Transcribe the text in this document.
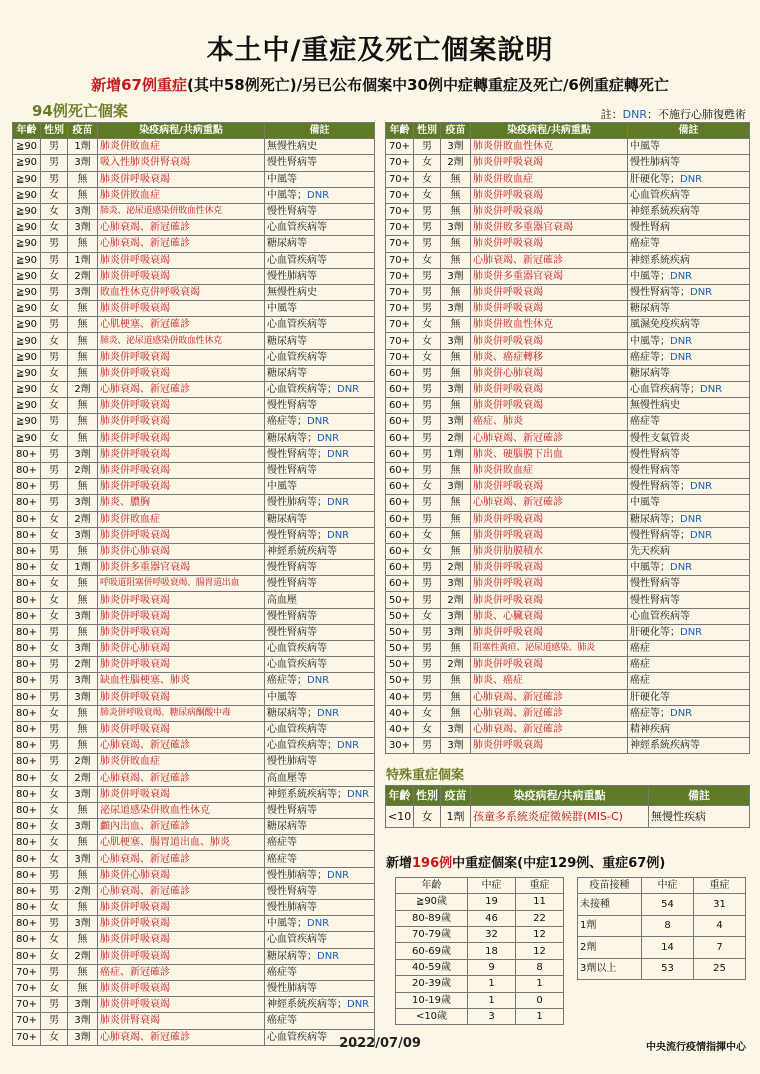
本土中/重症及死亡個案說明
新增67例重症(其中58例死亡)/另已公布個案中30例中症轉重症及死亡/6例重症轉死亡
94例死亡個案	註：DNR：不施行心肺復甦術
年齡	性別	疫苗	染疫病程/共病重點	備註
≧90	男	1劑	肺炎併敗血症	無慢性病史
≧90	男	3劑	吸入性肺炎併腎衰竭	慢性腎病等
≧90	男	無	肺炎併呼吸衰竭	中風等
≧90	女	無	肺炎併敗血症	中風等；DNR
≧90	女	3劑	肺炎、泌尿道感染併敗血性休克	慢性腎病等
≧90	女	3劑	心肺衰竭、新冠確診	心血管疾病等
≧90	男	無	心肺衰竭、新冠確診	糖尿病等
≧90	男	1劑	肺炎併呼吸衰竭	心血管疾病等
≧90	女	2劑	肺炎併呼吸衰竭	慢性肺病等
≧90	男	3劑	敗血性休克併呼吸衰竭	無慢性病史
≧90	女	無	肺炎併呼吸衰竭	中風等
≧90	男	無	心肌梗塞、新冠確診	心血管疾病等
≧90	女	無	肺炎、泌尿道感染併敗血性休克	糖尿病等
≧90	男	無	肺炎併呼吸衰竭	心血管疾病等
≧90	女	無	肺炎併呼吸衰竭	糖尿病等
≧90	女	2劑	心肺衰竭、新冠確診	心血管疾病等；DNR
≧90	女	無	肺炎併呼吸衰竭	慢性腎病等
≧90	男	無	肺炎併呼吸衰竭	癌症等；DNR
≧90	女	無	肺炎併呼吸衰竭	糖尿病等；DNR
80+	男	3劑	肺炎併呼吸衰竭	慢性腎病等；DNR
80+	男	2劑	肺炎併呼吸衰竭	慢性腎病等
80+	男	無	肺炎併呼吸衰竭	中風等
80+	男	3劑	肺炎、膿胸	慢性肺病等；DNR
80+	女	2劑	肺炎併敗血症	糖尿病等
80+	女	3劑	肺炎併呼吸衰竭	慢性腎病等；DNR
80+	男	無	肺炎併心肺衰竭	神經系統疾病等
80+	女	1劑	肺炎併多重器官衰竭	慢性腎病等
80+	女	無	呼吸道阻塞併呼吸衰竭、腸胃道出血	慢性腎病等
80+	女	無	肺炎併呼吸衰竭	高血壓
80+	女	3劑	肺炎併呼吸衰竭	慢性腎病等
80+	男	無	肺炎併呼吸衰竭	慢性腎病等
80+	女	3劑	肺炎併心肺衰竭	心血管疾病等
80+	男	2劑	肺炎併呼吸衰竭	心血管疾病等
80+	男	3劑	缺血性腦梗塞、肺炎	癌症等；DNR
80+	男	3劑	肺炎併呼吸衰竭	中風等
80+	女	無	肺炎併呼吸衰竭、糖尿病酮酸中毒	糖尿病等；DNR
80+	男	無	肺炎併呼吸衰竭	心血管疾病等
80+	男	無	心肺衰竭、新冠確診	心血管疾病等；DNR
80+	男	2劑	肺炎併敗血症	慢性肺病等
80+	女	2劑	心肺衰竭、新冠確診	高血壓等
80+	女	3劑	肺炎併呼吸衰竭	神經系統疾病等；DNR
80+	女	無	泌尿道感染併敗血性休克	慢性腎病等
80+	女	3劑	顱內出血、新冠確診	糖尿病等
80+	女	無	心肌梗塞、腸胃道出血、肺炎	癌症等
80+	女	3劑	心肺衰竭、新冠確診	癌症等
80+	男	無	肺炎併心肺衰竭	慢性肺病等；DNR
80+	男	2劑	心肺衰竭、新冠確診	慢性腎病等
80+	女	無	肺炎併呼吸衰竭	慢性肺病等
80+	男	3劑	肺炎併呼吸衰竭	中風等；DNR
80+	女	無	肺炎併呼吸衰竭	心血管疾病等
80+	女	2劑	肺炎併呼吸衰竭	糖尿病等；DNR
70+	男	無	癌症、新冠確診	癌症等
70+	女	無	肺炎併呼吸衰竭	慢性肺病等
70+	男	3劑	肺炎併呼吸衰竭	神經系統疾病等；DNR
70+	男	3劑	肺炎併腎衰竭	癌症等
70+	女	3劑	心肺衰竭、新冠確診	心血管疾病等
年齡	性別	疫苗	染疫病程/共病重點	備註
70+	男	3劑	肺炎併敗血性休克	中風等
70+	女	2劑	肺炎併呼吸衰竭	慢性肺病等
70+	女	無	肺炎併敗血症	肝硬化等；DNR
70+	女	無	肺炎併呼吸衰竭	心血管疾病等
70+	男	無	肺炎併呼吸衰竭	神經系統疾病等
70+	男	3劑	肺炎併敗多重器官衰竭	慢性腎病
70+	男	無	肺炎併呼吸衰竭	癌症等
70+	女	無	心肺衰竭、新冠確診	神經系統疾病
70+	男	3劑	肺炎併多重器官衰竭	中風等；DNR
70+	男	無	肺炎併呼吸衰竭	慢性腎病等；DNR
70+	男	3劑	肺炎併呼吸衰竭	糖尿病等
70+	女	無	肺炎併敗血性休克	風濕免疫疾病等
70+	女	3劑	肺炎併呼吸衰竭	中風等；DNR
70+	女	無	肺炎、癌症轉移	癌症等；DNR
60+	男	無	肺炎併心肺衰竭	糖尿病等
60+	男	3劑	肺炎併呼吸衰竭	心血管疾病等；DNR
60+	男	無	肺炎併呼吸衰竭	無慢性病史
60+	男	3劑	癌症、肺炎	癌症等
60+	男	2劑	心肺衰竭、新冠確診	慢性支氣管炎
60+	男	1劑	肺炎、硬腦膜下出血	慢性腎病等
60+	男	無	肺炎併敗血症	慢性腎病等
60+	女	3劑	肺炎併呼吸衰竭	慢性腎病等；DNR
60+	男	無	心肺衰竭、新冠確診	中風等
60+	男	無	肺炎併呼吸衰竭	糖尿病等；DNR
60+	女	無	肺炎併呼吸衰竭	慢性腎病等；DNR
60+	女	無	肺炎併肋膜積水	先天疾病
60+	男	2劑	肺炎併呼吸衰竭	中風等；DNR
60+	男	3劑	肺炎併呼吸衰竭	慢性腎病等
50+	男	2劑	肺炎併呼吸衰竭	慢性腎病等
50+	女	3劑	肺炎、心臟衰竭	心血管疾病等
50+	男	3劑	肺炎併呼吸衰竭	肝硬化等；DNR
50+	男	無	阻塞性黃疸、泌尿道感染、肺炎	癌症
50+	男	2劑	肺炎併呼吸衰竭	癌症
50+	男	無	肺炎、癌症	癌症
40+	男	無	心肺衰竭、新冠確診	肝硬化等
40+	女	無	心肺衰竭、新冠確診	癌症等；DNR
40+	女	3劑	心肺衰竭、新冠確診	精神疾病
30+	男	3劑	肺炎併呼吸衰竭	神經系統疾病等
特殊重症個案
年齡	性別	疫苗	染疫病程/共病重點	備註
<10	女	1劑	孩童多系統炎症徵候群(MIS-C)	無慢性疾病
新增196例中重症個案(中症129例、重症67例)
年齡	中症	重症
≧90歲	19	11
80-89歲	46	22
70-79歲	32	12
60-69歲	18	12
40-59歲	9	8
20-39歲	1	1
10-19歲	1	0
<10歲	3	1
疫苗接種	中症	重症
未接種	54	31
1劑	8	4
2劑	14	7
3劑以上	53	25
2022/07/09	中央流行疫情指揮中心
